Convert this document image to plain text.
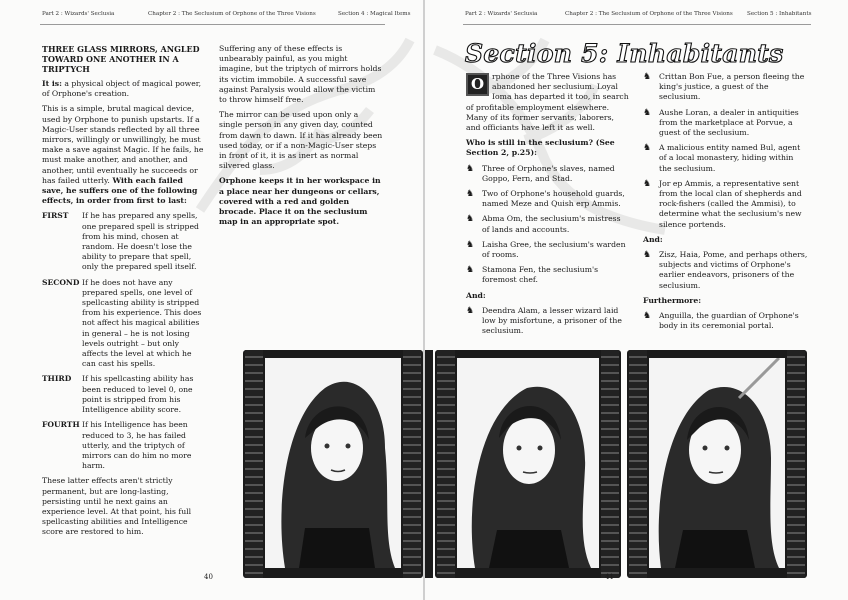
Part 2 : Wizards' Seclusia	Chapter 2 : The Seclusium of Orphone of the Three Visions	Section 4 : Magical Items

THREE GLASS MIRRORS, ANGLED TOWARD ONE ANOTHER IN A TRIPTYCH

It is: a physical object of magical power, of Orphone's creation.

This is a simple, brutal magical device, used by Orphone to punish upstarts. If a Magic-User stands reflected by all three mirrors, willingly or unwillingly, he must make a save against Magic. If he fails, he must make another, and another, and another, until eventually he succeeds or has failed utterly. With each failed save, he suffers one of the following effects, in order from first to last:

FIRST	If he has prepared any spells, one prepared spell is stripped from his mind, chosen at random. He doesn't lose the ability to prepare that spell, only the prepared spell itself.
SECOND If he does not have any prepared spells, one level of spellcasting ability is stripped from his experience. This does not affect his magical abilities in general – he is not losing levels outright – but only affects the level at which he can cast his spells.
THIRD	If his spellcasting ability has been reduced to level 0, one point is stripped from his Intelligence ability score.
FOURTH If his Intelligence has been reduced to 3, he has failed utterly, and the triptych of mirrors can do him no more harm.

These latter effects aren't strictly permanent, but are long-lasting, persisting until he next gains an experience level. At that point, his full spellcasting abilities and Intelligence score are restored to him.

Suffering any of these effects is unbearably painful, as you might imagine, but the triptych of mirrors holds its victim immobile. A successful save against Paralysis would allow the victim to throw himself free.

The mirror can be used upon only a single person in any given day, counted from dawn to dawn. If it has already been used today, or if a non-Magic-User steps in front of it, it is as inert as normal silvered glass.

Orphone keeps it in her workspace in a place near her dungeons or cellars, covered with a red and golden brocade. Place it on the seclusium map in an appropriate spot.

40
Part 2 : Wizards' Seclusia	Chapter 2 : The Seclusium of Orphone of the Three Visions	Section 5 : Inhabitants
Section 5: Inhabitants

O	rphone of the Three Visions has abandoned her seclusium. Loyal Ioma has departed it too, in search of profitable employment elsewhere. Many of its former servants, laborers, and officiants have left it as well.

Who is still in the seclusium? (See Section 2, p.25):

♞	Three of Orphone's slaves, named Goppo, Fern, and Stad.
♞	Two of Orphone's household guards, named Meze and Quish erp Ammis.
♞	Abma Om, the seclusium's mistress of lands and accounts.
♞	Laisha Gree, the seclusium's warden of rooms.
♞	Stamona Fen, the seclusium's foremost chef.

And:

♞	Deendra Alam, a lesser wizard laid low by misfortune, a prisoner of the seclusium.
♞	Crittan Bon Fue, a person fleeing the king's justice, a guest of the seclusium.
♞	Aushe Loran, a dealer in antiquities from the marketplace at Porvue, a guest of the seclusium.
♞	A malicious entity named Bul, agent of a local monastery, hiding within the seclusium.
♞	Jor ep Ammis, a representative sent from the local clan of shepherds and rock-fishers (called the Ammisi), to determine what the seclusium's new silence portends.

And:

♞	Zisz, Haia, Pome, and perhaps others, subjects and victims of Orphone's earlier endeavors, prisoners of the seclusium.

Furthermore:

♞	Anguilla, the guardian of Orphone's body in its ceremonial portal.
41
